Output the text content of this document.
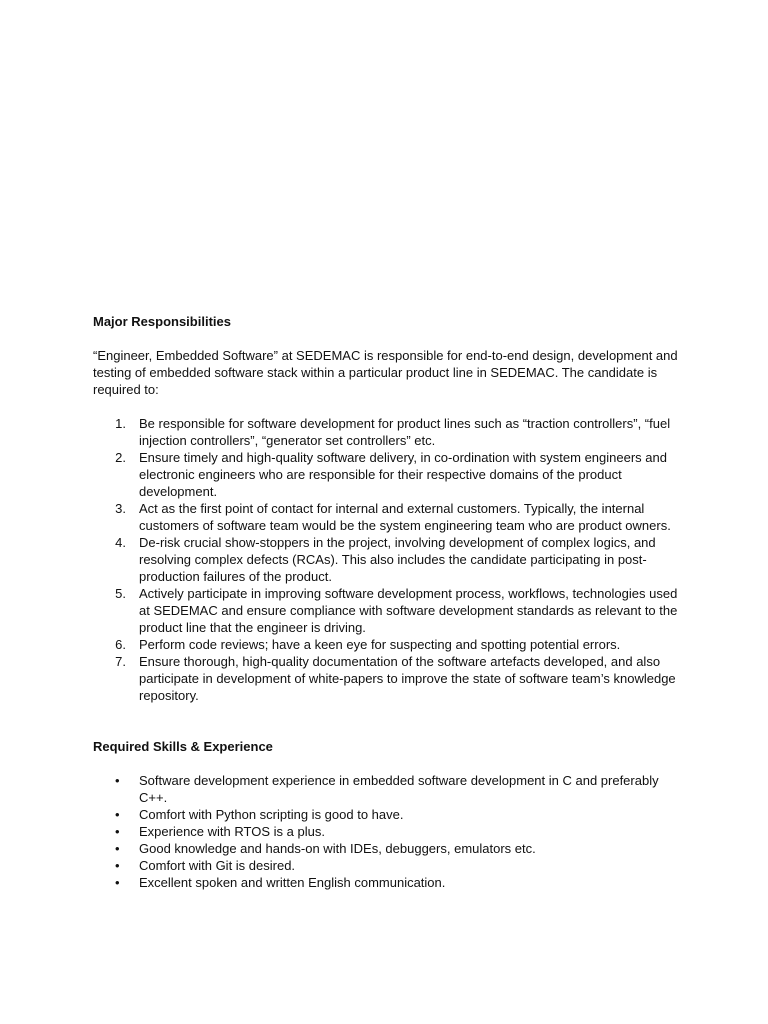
Major Responsibilities

“Engineer, Embedded Software” at SEDEMAC is responsible for end-to-end design, development and testing of embedded software stack within a particular product line in SEDEMAC. The candidate is required to:

1. Be responsible for software development for product lines such as “traction controllers”, “fuel injection controllers”, “generator set controllers” etc.
2. Ensure timely and high-quality software delivery, in co-ordination with system engineers and electronic engineers who are responsible for their respective domains of the product development.
3. Act as the first point of contact for internal and external customers. Typically, the internal customers of software team would be the system engineering team who are product owners.
4. De-risk crucial show-stoppers in the project, involving development of complex logics, and resolving complex defects (RCAs). This also includes the candidate participating in post-production failures of the product.
5. Actively participate in improving software development process, workflows, technologies used at SEDEMAC and ensure compliance with software development standards as relevant to the product line that the engineer is driving.
6. Perform code reviews; have a keen eye for suspecting and spotting potential errors.
7. Ensure thorough, high-quality documentation of the software artefacts developed, and also participate in development of white-papers to improve the state of software team’s knowledge repository.
Required Skills & Experience
•	Software development experience in embedded software development in C and preferably C++.
•	Comfort with Python scripting is good to have.
•	Experience with RTOS is a plus.
•	Good knowledge and hands-on with IDEs, debuggers, emulators etc.
•	Comfort with Git is desired.
•	Excellent spoken and written English communication.
